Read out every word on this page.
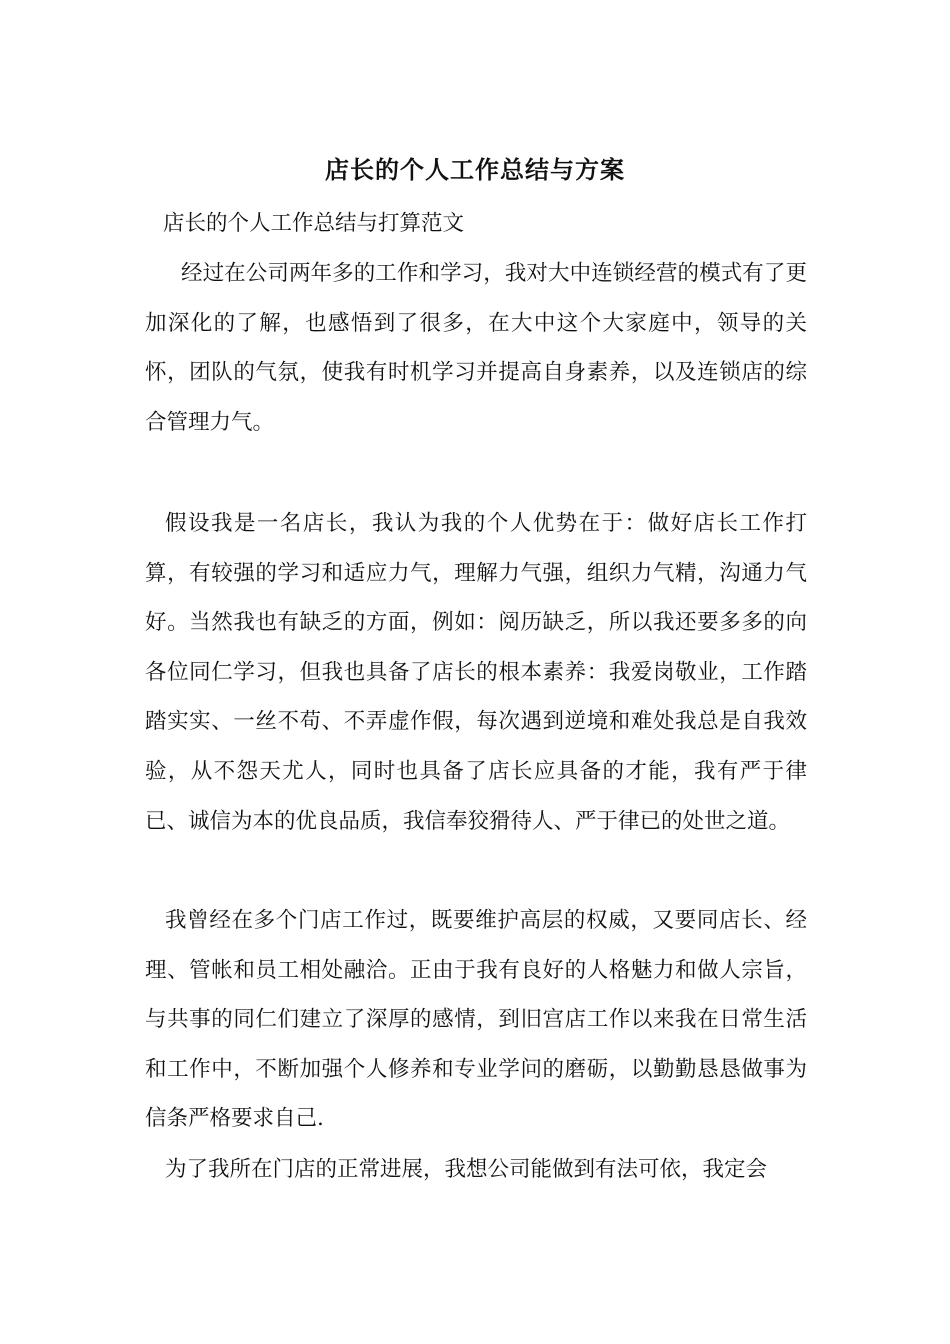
店长的个人工作总结与方案
店长的个人工作总结与打算范文
经过在公司两年多的工作和学习，我对大中连锁经营的模式有了更加深化的了解，也感悟到了很多，在大中这个大家庭中，领导的关怀，团队的气氛，使我有时机学习并提高自身素养，以及连锁店的综合管理力气。
假设我是一名店长，我认为我的个人优势在于：做好店长工作打算，有较强的学习和适应力气，理解力气强，组织力气精，沟通力气好。当然我也有缺乏的方面，例如：阅历缺乏，所以我还要多多的向各位同仁学习，但我也具备了店长的根本素养：我爱岗敬业，工作踏踏实实、一丝不苟、不弄虚作假，每次遇到逆境和难处我总是自我效验，从不怨天尤人，同时也具备了店长应具备的才能，我有严于律已、诚信为本的优良品质，我信奉狡猾待人、严于律已的处世之道。
我曾经在多个门店工作过，既要维护高层的权威，又要同店长、经理、管帐和员工相处融洽。正由于我有良好的人格魅力和做人宗旨，与共事的同仁们建立了深厚的感情，到旧宫店工作以来我在日常生活和工作中，不断加强个人修养和专业学问的磨砺，以勤勤恳恳做事为信条严格要求自己.
为了我所在门店的正常进展，我想公司能做到有法可依，我定会
